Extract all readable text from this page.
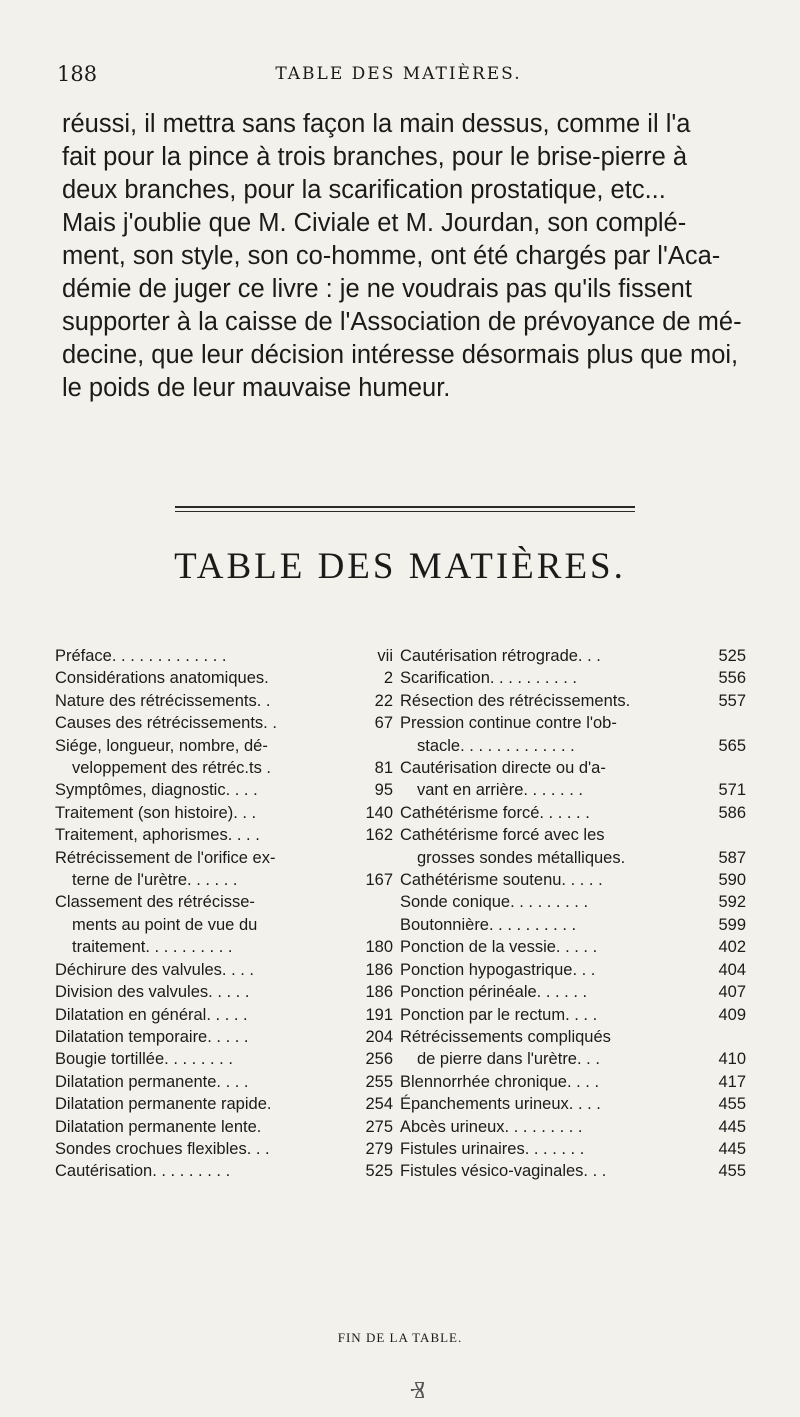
188	TABLE DES MATIÈRES.
réussi, il mettra sans façon la main dessus, comme il l'a
fait pour la pince à trois branches, pour le brise-pierre à
deux branches, pour la scarification prostatique, etc...
Mais j'oublie que M. Civiale et M. Jourdan, son complé-
ment, son style, son co-homme, ont été chargés par l'Aca-
démie de juger ce livre : je ne voudrais pas qu'ils fissent
supporter à la caisse de l'Association de prévoyance de mé-
decine, que leur décision intéresse désormais plus que moi,
le poids de leur mauvaise humeur.
TABLE DES MATIÈRES.
Préface. . . . . . . . . . . . .	vii
Considérations anatomiques.	2
Nature des rétrécissements. .	22
Causes des rétrécissements. .	67
Siége, longueur, nombre, dé-
veloppement des rétréc.ts .	81
Symptômes, diagnostic. . . .	95
Traitement (son histoire). . .	140
Traitement, aphorismes. . . .	162
Rétrécissement de l'orifice ex-
terne de l'urètre. . . . . .	167
Classement des rétrécisse-
ments au point de vue du
traitement. . . . . . . . . .	180
Déchirure des valvules. . . .	186
Division des valvules. . . . .	186
Dilatation en général. . . . .	191
Dilatation temporaire. . . . .	204
Bougie tortillée. . . . . . . .	256
Dilatation permanente. . . .	255
Dilatation permanente rapide.	254
Dilatation permanente lente.	275
Sondes crochues flexibles. . .	279
Cautérisation. . . . . . . . .	525
Cautérisation rétrograde. . .	525
Scarification. . . . . . . . . .	556
Résection des rétrécissements.	557
Pression continue contre l'ob-
stacle. . . . . . . . . . . . .	565
Cautérisation directe ou d'a-
vant en arrière. . . . . . .	571
Cathétérisme forcé. . . . . .	586
Cathétérisme forcé avec les
grosses sondes métalliques.	587
Cathétérisme soutenu. . . . .	590
Sonde conique. . . . . . . . .	592
Boutonnière. . . . . . . . . .	599
Ponction de la vessie. . . . .	402
Ponction hypogastrique. . .	404
Ponction périnéale. . . . . .	407
Ponction par le rectum. . . .	409
Rétrécissements compliqués
de pierre dans l'urètre. . .	410
Blennorrhée chronique. . . .	417
Épanchements urineux. . . .	455
Abcès urineux. . . . . . . . .	445
Fistules urinaires. . . . . . .	445
Fistules vésico-vaginales. . .	455
FIN DE LA TABLE.
Ⱐ
